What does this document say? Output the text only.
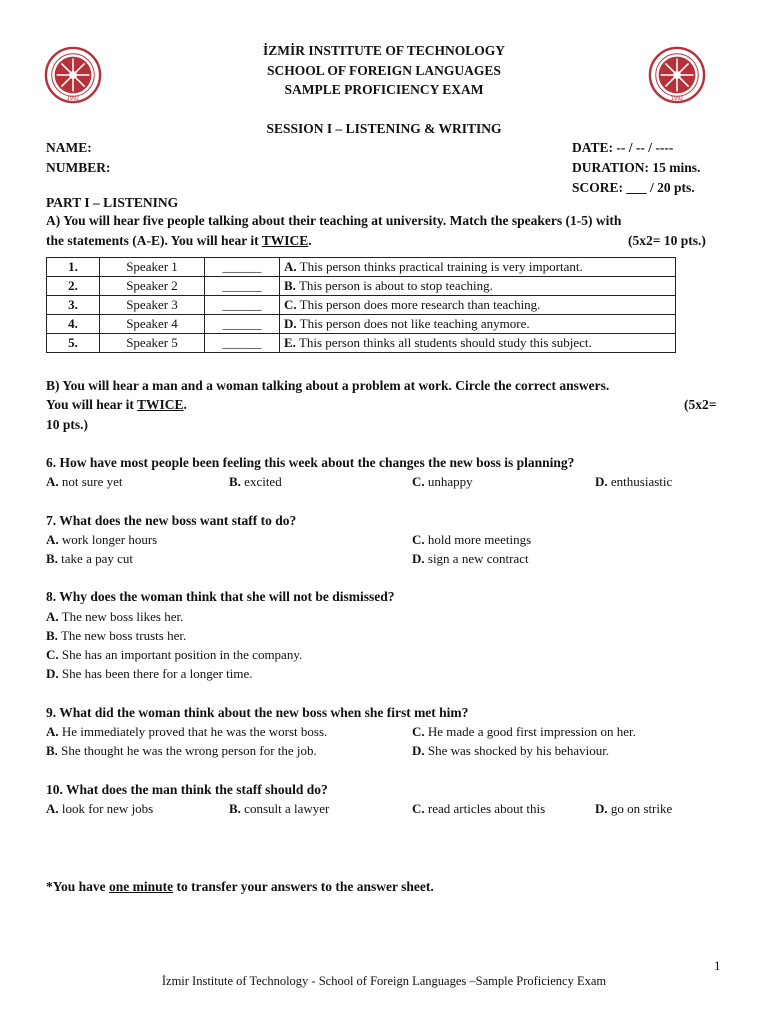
1992	1992
İZMİR INSTITUTE OF TECHNOLOGY
SCHOOL OF FOREIGN LANGUAGES
SAMPLE PROFICIENCY EXAM
SESSION I – LISTENING & WRITING
NAME:
NUMBER:
DATE: -- / -- / ----
DURATION: 15 mins.
SCORE: ___ / 20 pts.
PART I – LISTENING
A) You will hear five people talking about their teaching at university. Match the speakers (1-5) with
the statements (A-E). You will hear it TWICE.	(5x2= 10 pts.)
1.	Speaker 1	______	A. This person thinks practical training is very important.
2.	Speaker 2	______	B. This person is about to stop teaching.
3.	Speaker 3	______	C. This person does more research than teaching.
4.	Speaker 4	______	D. This person does not like teaching anymore.
5.	Speaker 5	______	E. This person thinks all students should study this subject.
B) You will hear a man and a woman talking about a problem at work. Circle the correct answers.
You will hear it TWICE.	(5x2=
10 pts.)
6. How have most people been feeling this week about the changes the new boss is planning?
A. not sure yet	B. excited	C. unhappy	D. enthusiastic
7. What does the new boss want staff to do?
A. work longer hours
B. take a pay cut
C. hold more meetings
D. sign a new contract
8. Why does the woman think that she will not be dismissed?
A. The new boss likes her.
B. The new boss trusts her.
C. She has an important position in the company.
D. She has been there for a longer time.
9. What did the woman think about the new boss when she first met him?
A. He immediately proved that he was the worst boss.
B. She thought he was the wrong person for the job.
C. He made a good first impression on her.
D. She was shocked by his behaviour.
10. What does the man think the staff should do?
A. look for new jobs	B. consult a lawyer	C. read articles about this	D. go on strike
*You have one minute to transfer your answers to the answer sheet.
1
İzmir Institute of Technology - School of Foreign Languages –Sample Proficiency Exam
